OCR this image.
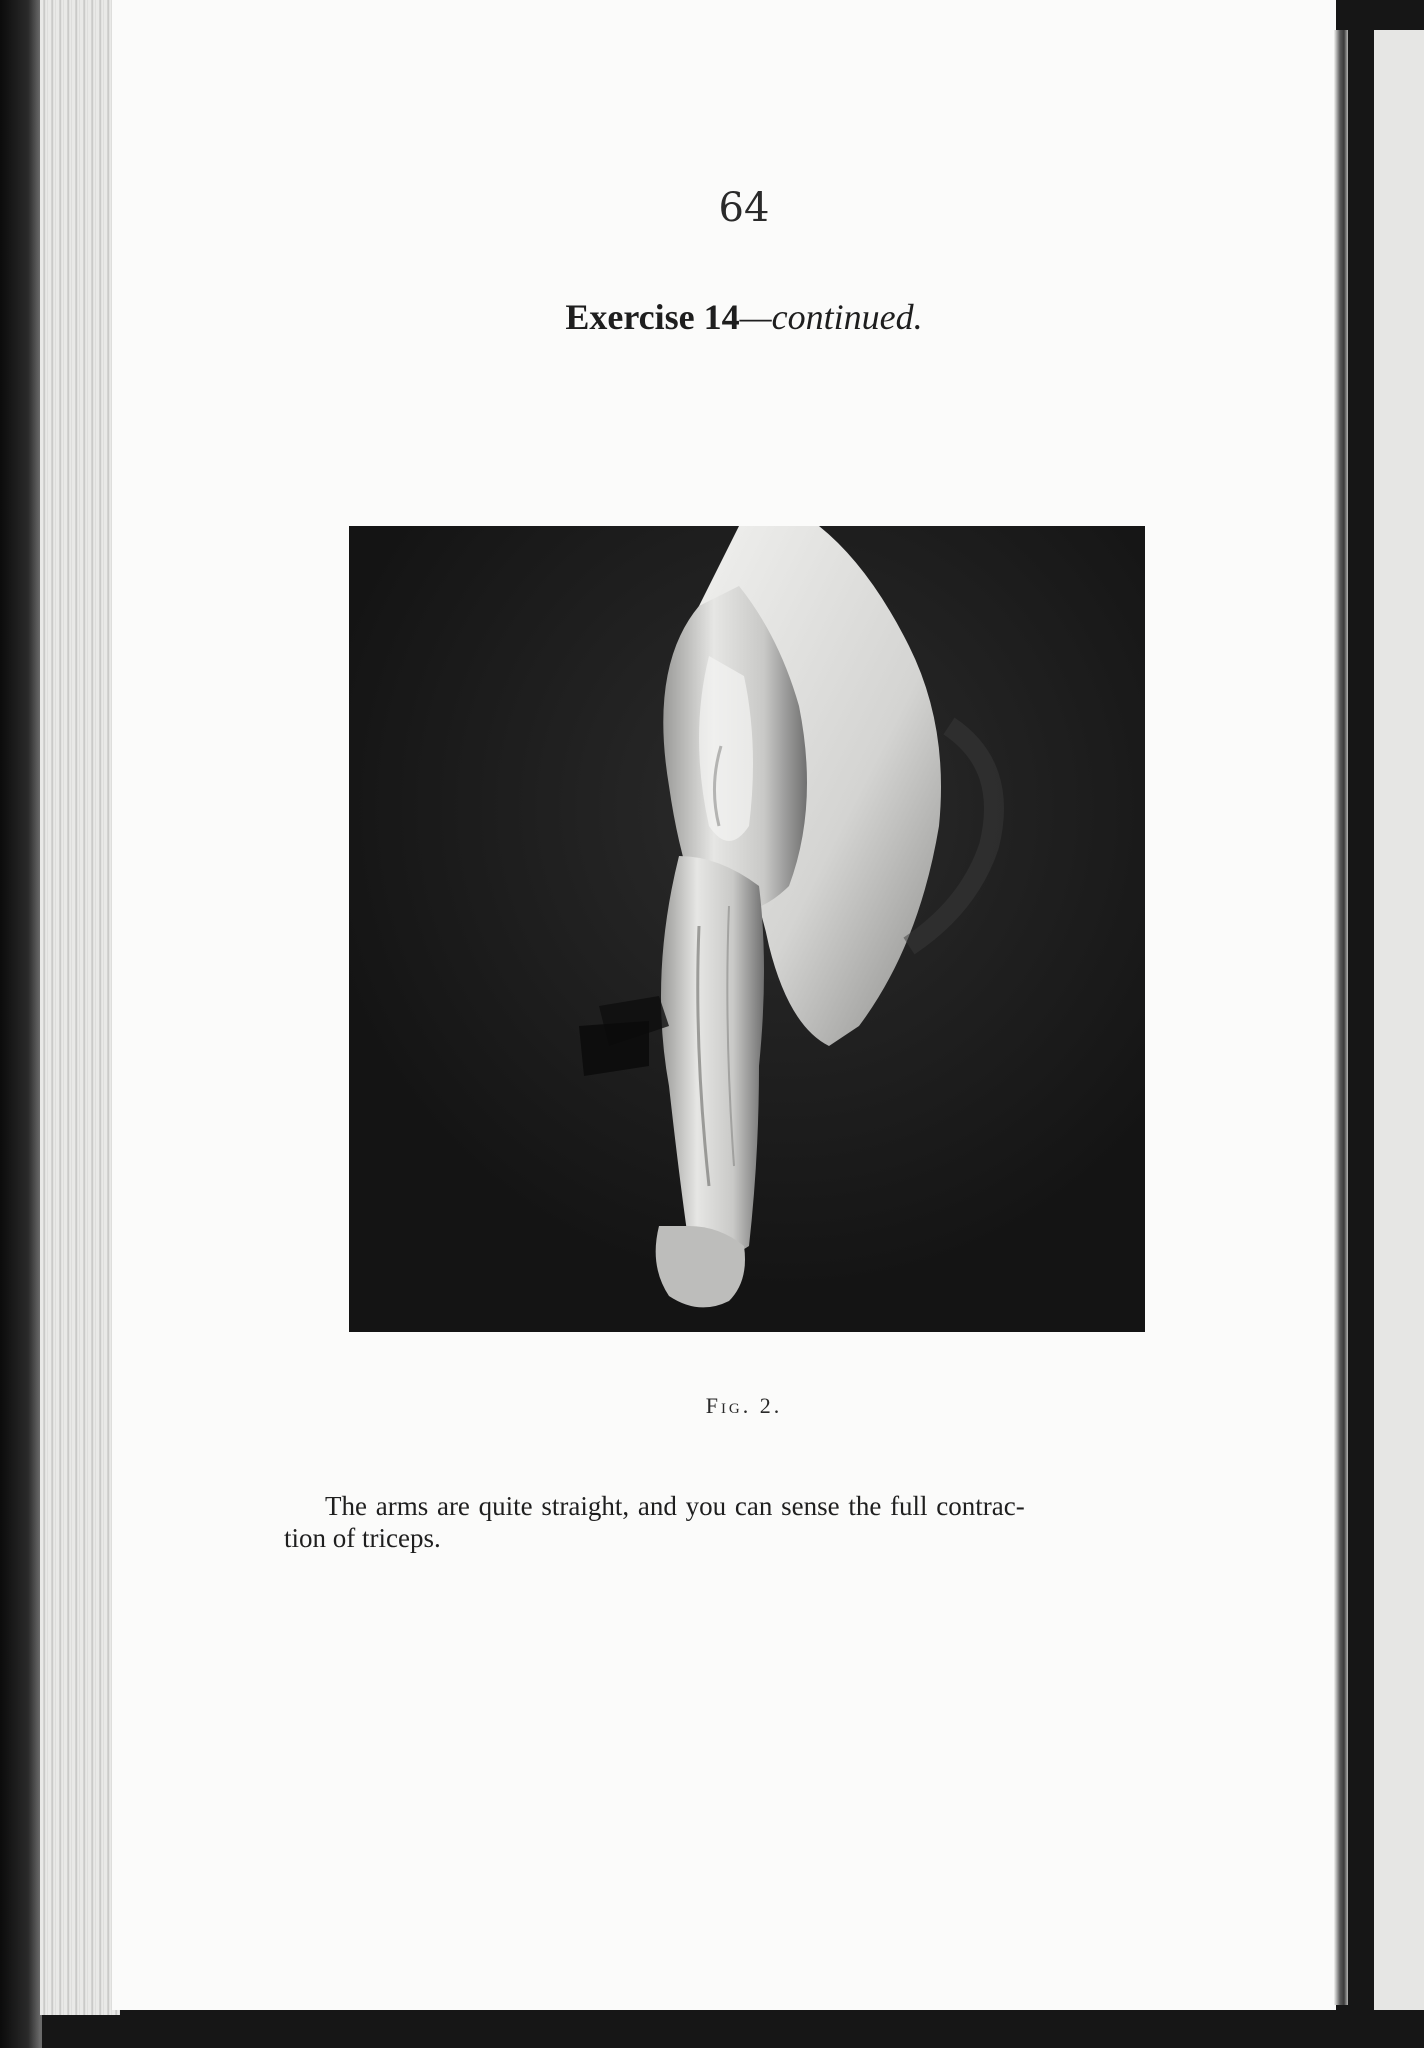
64
Exercise 14—continued.
Fig. 2.
The arms are quite straight, and you can sense the full contrac-
tion of triceps.
